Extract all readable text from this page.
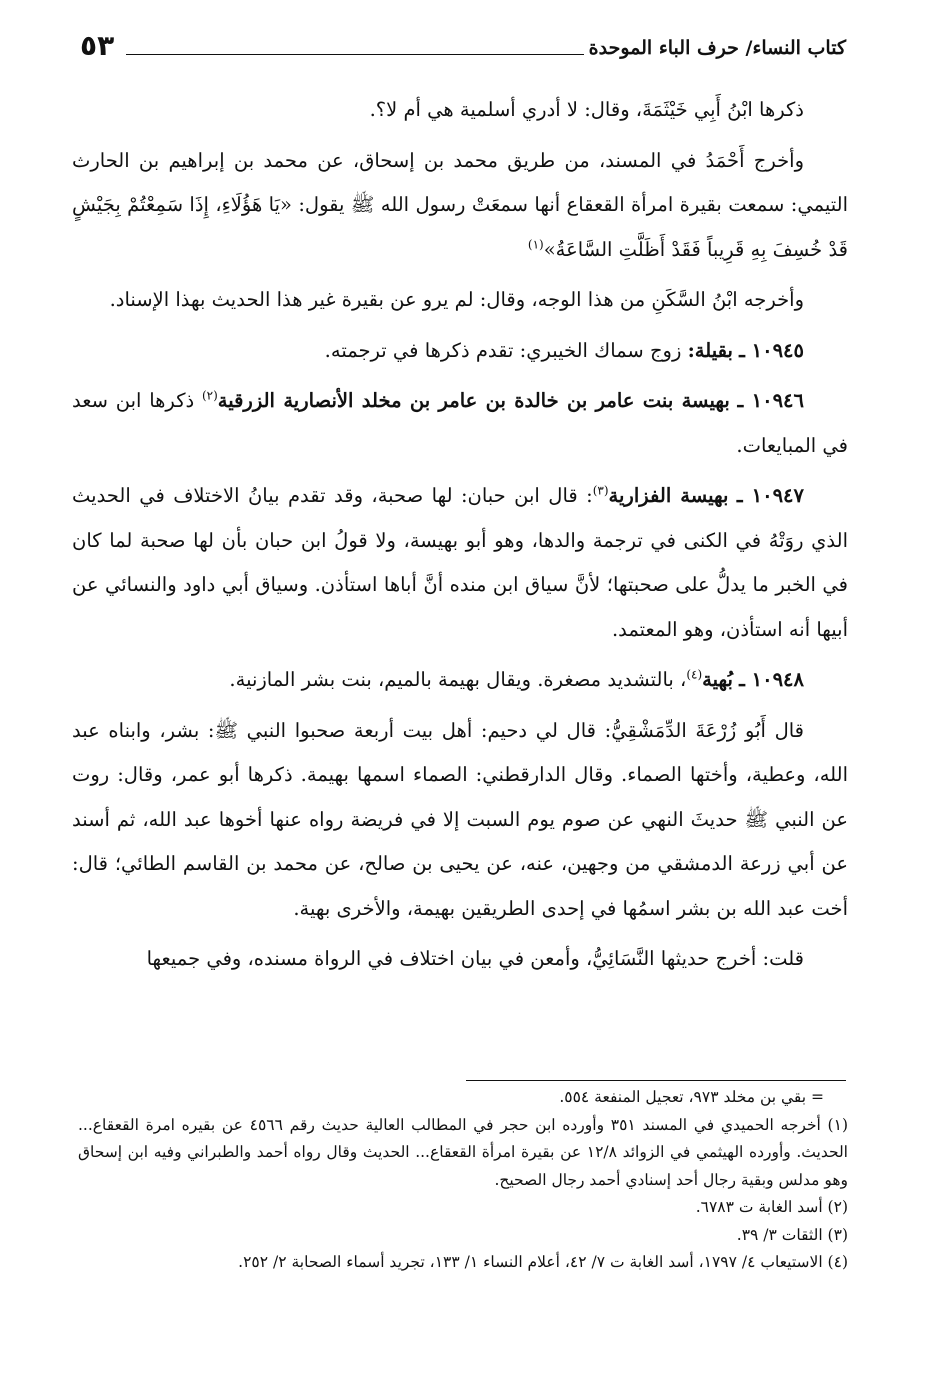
٥٣	كتاب النساء/ حرف الباء الموحدة

ذكرها ابْنُ أَبِي خَيْثَمَةَ، وقال: لا أدري أسلمية هي أم لا؟.

وأخرج أَحْمَدُ في المسند، من طريق محمد بن إسحاق، عن محمد بن إبراهيم بن الحارث التيمي: سمعت بقيرة امرأة القعقاع أنها سمعَتْ رسول الله ﷺ يقول: «يَا هَؤُلَاءِ، إِذَا سَمِعْتُمْ بِجَيْشٍ قَدْ خُسِفَ بِهِ قَرِيباً فَقَدْ أَظَلَّتِ السَّاعَةُ»$^{(١)}$

وأخرجه ابْنُ السَّكَنِ من هذا الوجه، وقال: لم يرو عن بقيرة غير هذا الحديث بهذا الإسناد.

١٠٩٤٥ ـ بقيلة: زوج سماك الخيبري: تقدم ذكرها في ترجمته.

١٠٩٤٦ ـ بهيسة بنت عامر بن خالدة بن عامر بن مخلد الأنصارية الزرقية$^{(٢)}$ ذكرها ابن سعد في المبايعات.

١٠٩٤٧ ـ بهيسة الفزارية$^{(٣)}$: قال ابن حبان: لها صحبة، وقد تقدم بيانُ الاختلاف في الحديث الذي روَتْهُ في الكنى في ترجمة والدها، وهو أبو بهيسة، ولا قولُ ابن حبان بأن لها صحبة لما كان في الخبر ما يدلُّ على صحبتها؛ لأنَّ سياق ابن منده أنَّ أباها استأذن. وسياق أبي داود والنسائي عن أبيها أنه استأذن، وهو المعتمد.

١٠٩٤٨ ـ بُهية$^{(٤)}$، بالتشديد مصغرة. ويقال بهيمة بالميم، بنت بشر المازنية.

قال أَبُو زُرْعَةَ الدِّمَشْقِيُّ: قال لي دحيم: أهل بيت أربعة صحبوا النبي ﷺ: بشر، وابناه عبد الله، وعطية، وأختها الصماء. وقال الدارقطني: الصماء اسمها بهيمة. ذكرها أبو عمر، وقال: روت عن النبي ﷺ حديثَ النهي عن صوم يوم السبت إلا في فريضة رواه عنها أخوها عبد الله، ثم أسند عن أبي زرعة الدمشقي من وجهين، عنه، عن يحيى بن صالح، عن محمد بن القاسم الطائي؛ قال: أخت عبد الله بن بشر اسمُها في إحدى الطريقين بهيمة، والأخرى بهية.

قلت: أخرج حديثها النَّسَائِيُّ، وأمعن في بيان اختلاف في الرواة مسنده، وفي جميعها

= بقي بن مخلد ٩٧٣، تعجيل المنفعة ٥٥٤.

(١) أخرجه الحميدي في المسند ٣٥١ وأورده ابن حجر في المطالب العالية حديث رقم ٤٥٦٦ عن بقيره امرة القعقاع... الحديث. وأورده الهيثمي في الزوائد ١٢/٨ عن بقيرة امرأة القعقاع... الحديث وقال رواه أحمد والطبراني وفيه ابن إسحاق وهو مدلس وبقية رجال أحد إسنادي أحمد رجال الصحيح.

(٢) أسد الغابة ت ٦٧٨٣.

(٣) الثقات ٣/ ٣٩.

(٤) الاستيعاب ٤/ ١٧٩٧، أسد الغابة ت ٧/ ٤٢، أعلام النساء ١/ ١٣٣، تجريد أسماء الصحابة ٢/ ٢٥٢.
